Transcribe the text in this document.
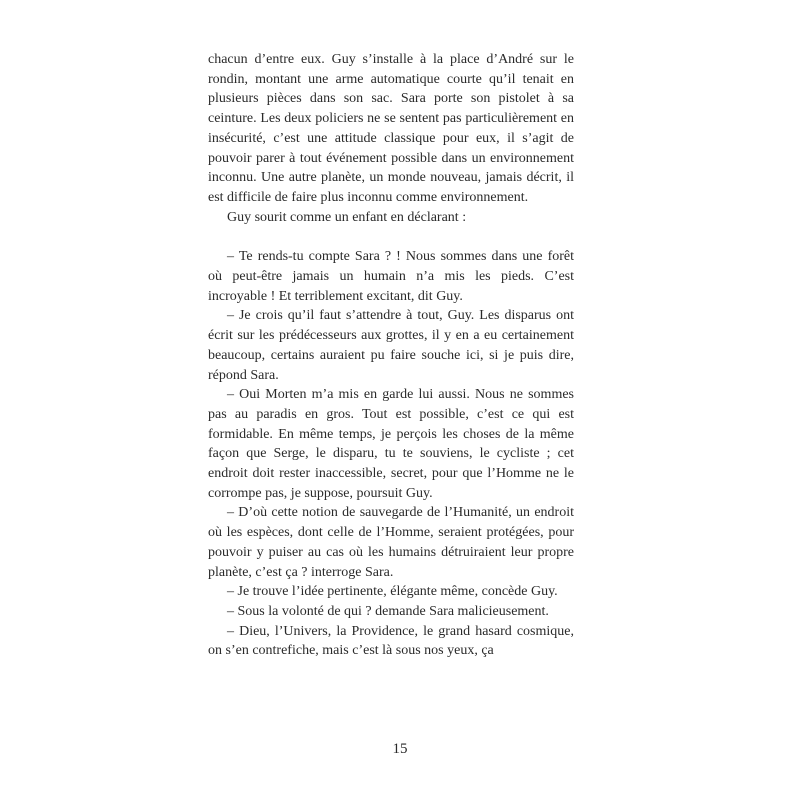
chacun d’entre eux. Guy s’installe à la place d’André sur le rondin, montant une arme automatique courte qu’il tenait en plusieurs pièces dans son sac. Sara porte son pistolet à sa ceinture. Les deux policiers ne se sentent pas particulièrement en insécurité, c’est une attitude classique pour eux, il s’agit de pouvoir parer à tout événement possible dans un environnement inconnu. Une autre planète, un monde nouveau, jamais décrit, il est difficile de faire plus inconnu comme environnement.

Guy sourit comme un enfant en déclarant :

– Te rends-tu compte Sara ? ! Nous sommes dans une forêt où peut-être jamais un humain n’a mis les pieds. C’est incroyable ! Et terriblement excitant, dit Guy.

– Je crois qu’il faut s’attendre à tout, Guy. Les disparus ont écrit sur les prédécesseurs aux grottes, il y en a eu certainement beaucoup, certains auraient pu faire souche ici, si je puis dire, répond Sara.

– Oui Morten m’a mis en garde lui aussi. Nous ne sommes pas au paradis en gros. Tout est possible, c’est ce qui est formidable. En même temps, je perçois les choses de la même façon que Serge, le disparu, tu te souviens, le cycliste ; cet endroit doit rester inaccessible, secret, pour que l’Homme ne le corrompe pas, je suppose, poursuit Guy.

– D’où cette notion de sauvegarde de l’Humanité, un endroit où les espèces, dont celle de l’Homme, seraient protégées, pour pouvoir y puiser au cas où les humains détruiraient leur propre planète, c’est ça ? interroge Sara.

– Je trouve l’idée pertinente, élégante même, concède Guy.

– Sous la volonté de qui ? demande Sara malicieusement.

– Dieu, l’Univers, la Providence, le grand hasard cosmique, on s’en contrefiche, mais c’est là sous nos yeux, ça

15
